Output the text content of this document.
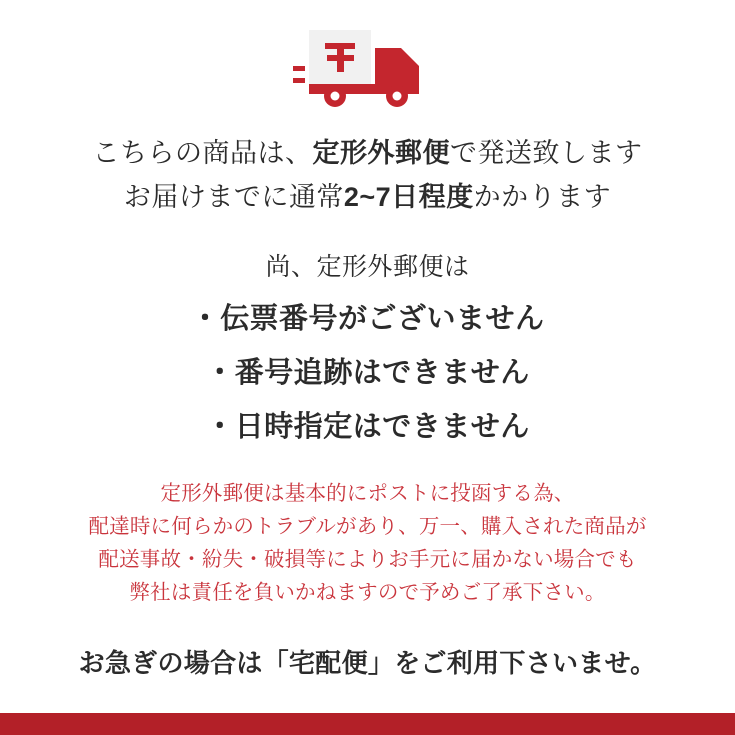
こちらの商品は、定形外郵便で発送致します
お届けまでに通常2~7日程度かかります
尚、定形外郵便は
・伝票番号がございません
・番号追跡はできません
・日時指定はできません
定形外郵便は基本的にポストに投函する為、
配達時に何らかのトラブルがあり、万一、購入された商品が
配送事故・紛失・破損等によりお手元に届かない場合でも
弊社は責任を負いかねますので予めご了承下さい。
お急ぎの場合は「宅配便」をご利用下さいませ。
